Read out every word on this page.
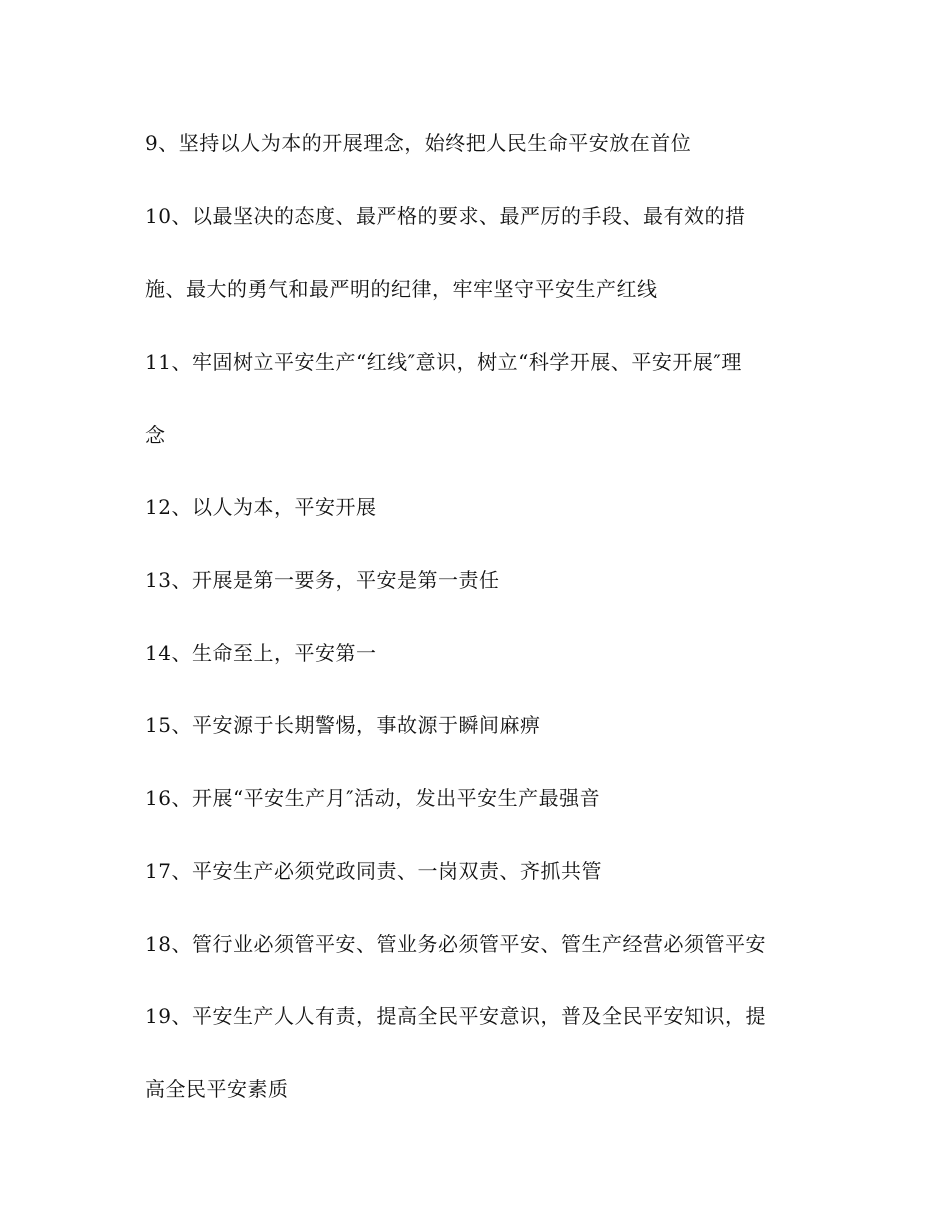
9、坚持以人为本的开展理念，始终把人民生命平安放在首位
10、以最坚决的态度、最严格的要求、最严厉的手段、最有效的措
施、最大的勇气和最严明的纪律，牢牢坚守平安生产红线
11、牢固树立平安生产“红线″意识，树立“科学开展、平安开展″理
念
12、以人为本，平安开展
13、开展是第一要务，平安是第一责任
14、生命至上，平安第一
15、平安源于长期警惕，事故源于瞬间麻痹
16、开展“平安生产月″活动，发出平安生产最强音
17、平安生产必须党政同责、一岗双责、齐抓共管
18、管行业必须管平安、管业务必须管平安、管生产经营必须管平安
19、平安生产人人有责，提高全民平安意识，普及全民平安知识，提
高全民平安素质
